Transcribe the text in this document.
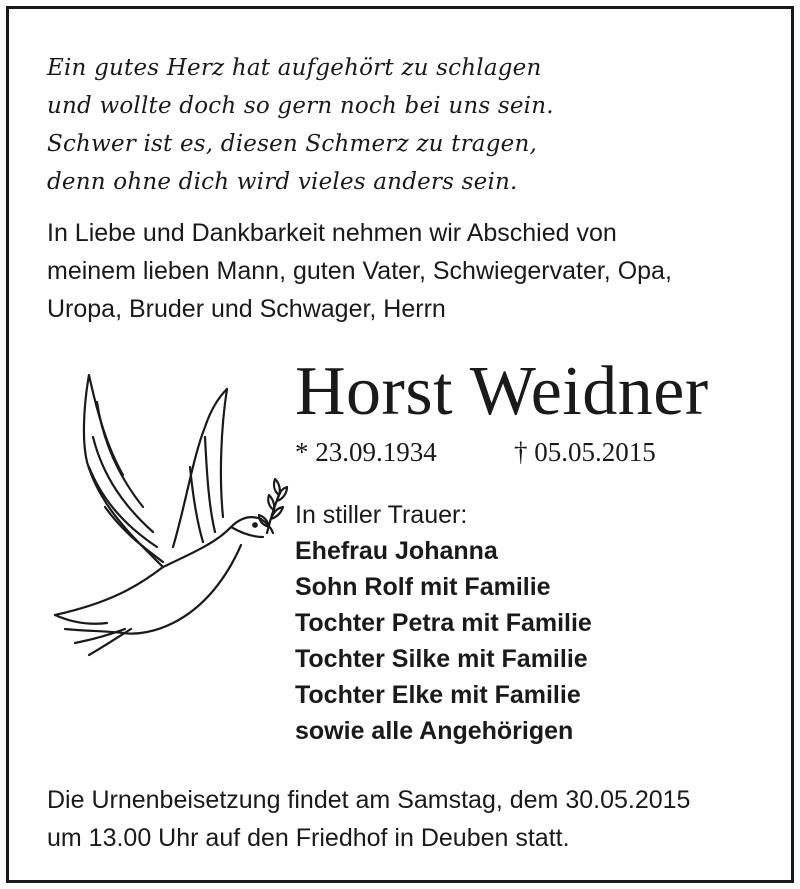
Ein gutes Herz hat aufgehört zu schlagen
und wollte doch so gern noch bei uns sein.
Schwer ist es, diesen Schmerz zu tragen,
denn ohne dich wird vieles anders sein.
In Liebe und Dankbarkeit nehmen wir Abschied von
meinem lieben Mann, guten Vater, Schwiegervater, Opa,
Uropa, Bruder und Schwager, Herrn
Horst Weidner
* 23.09.1934	† 05.05.2015
In stiller Trauer:
Ehefrau Johanna
Sohn Rolf mit Familie
Tochter Petra mit Familie
Tochter Silke mit Familie
Tochter Elke mit Familie
sowie alle Angehörigen
Die Urnenbeisetzung findet am Samstag, dem 30.05.2015
um 13.00 Uhr auf den Friedhof in Deuben statt.
